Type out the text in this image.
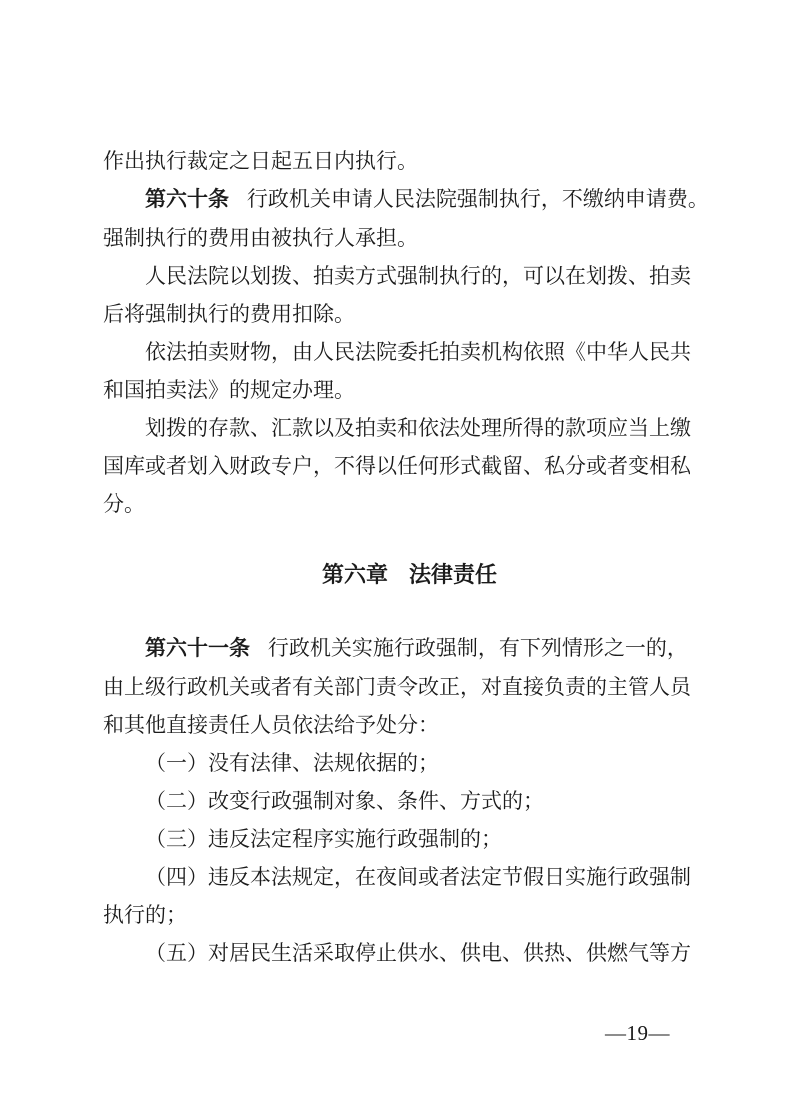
作出执行裁定之日起五日内执行。
第六十条 行政机关申请人民法院强制执行，不缴纳申请费。
强制执行的费用由被执行人承担。
人民法院以划拨、拍卖方式强制执行的，可以在划拨、拍卖
后将强制执行的费用扣除。
依法拍卖财物，由人民法院委托拍卖机构依照《中华人民共
和国拍卖法》的规定办理。
划拨的存款、汇款以及拍卖和依法处理所得的款项应当上缴
国库或者划入财政专户，不得以任何形式截留、私分或者变相私
分。
第六章 法律责任
第六十一条 行政机关实施行政强制，有下列情形之一的，
由上级行政机关或者有关部门责令改正，对直接负责的主管人员
和其他直接责任人员依法给予处分：
（一）没有法律、法规依据的；
（二）改变行政强制对象、条件、方式的；
（三）违反法定程序实施行政强制的；
（四）违反本法规定，在夜间或者法定节假日实施行政强制
执行的；
（五）对居民生活采取停止供水、供电、供热、供燃气等方
—19—
